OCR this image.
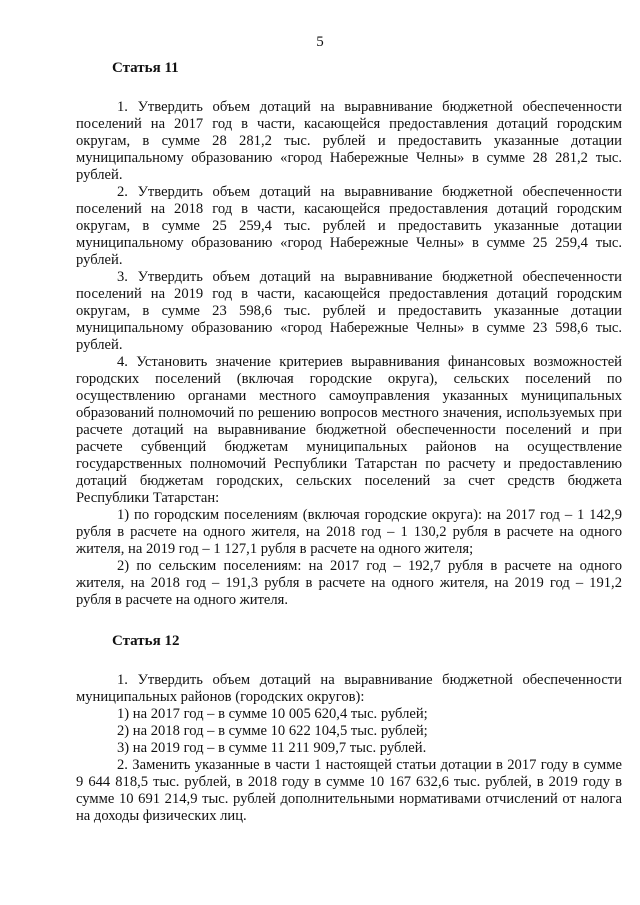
5
Статья 11

1. Утвердить объем дотаций на выравнивание бюджетной обеспеченности поселений на 2017 год в части, касающейся предоставления дотаций городским округам, в сумме 28 281,2 тыс. рублей и предоставить указанные дотации муниципальному образованию «город Набережные Челны» в сумме 28 281,2 тыс. рублей.

2. Утвердить объем дотаций на выравнивание бюджетной обеспеченности поселений на 2018 год в части, касающейся предоставления дотаций городским округам, в сумме 25 259,4 тыс. рублей и предоставить указанные дотации муниципальному образованию «город Набережные Челны» в сумме 25 259,4 тыс. рублей.

3. Утвердить объем дотаций на выравнивание бюджетной обеспеченности поселений на 2019 год в части, касающейся предоставления дотаций городским округам, в сумме 23 598,6 тыс. рублей и предоставить указанные дотации муниципальному образованию «город Набережные Челны» в сумме 23 598,6 тыс. рублей.

4. Установить значение критериев выравнивания финансовых возможностей городских поселений (включая городские округа), сельских поселений по осуществлению органами местного самоуправления указанных муниципальных образований полномочий по решению вопросов местного значения, используемых при расчете дотаций на выравнивание бюджетной обеспеченности поселений и при расчете субвенций бюджетам муниципальных районов на осуществление государственных полномочий Республики Татарстан по расчету и предоставлению дотаций бюджетам городских, сельских поселений за счет средств бюджета Республики Татарстан:

1) по городским поселениям (включая городские округа): на 2017 год – 1 142,9 рубля в расчете на одного жителя, на 2018 год – 1 130,2 рубля в расчете на одного жителя, на 2019 год – 1 127,1 рубля в расчете на одного жителя;

2) по сельским поселениям: на 2017 год – 192,7 рубля в расчете на одного жителя, на 2018 год – 191,3 рубля в расчете на одного жителя, на 2019 год – 191,2 рубля в расчете на одного жителя.

Статья 12

1. Утвердить объем дотаций на выравнивание бюджетной обеспеченности муниципальных районов (городских округов):

1) на 2017 год – в сумме 10 005 620,4 тыс. рублей;

2) на 2018 год – в сумме 10 622 104,5 тыс. рублей;

3) на 2019 год – в сумме 11 211 909,7 тыс. рублей.

2. Заменить указанные в части 1 настоящей статьи дотации в 2017 году в сумме 9 644 818,5 тыс. рублей, в 2018 году в сумме 10 167 632,6 тыс. рублей, в 2019 году в сумме 10 691 214,9 тыс. рублей дополнительными нормативами отчислений от налога на доходы физических лиц.
